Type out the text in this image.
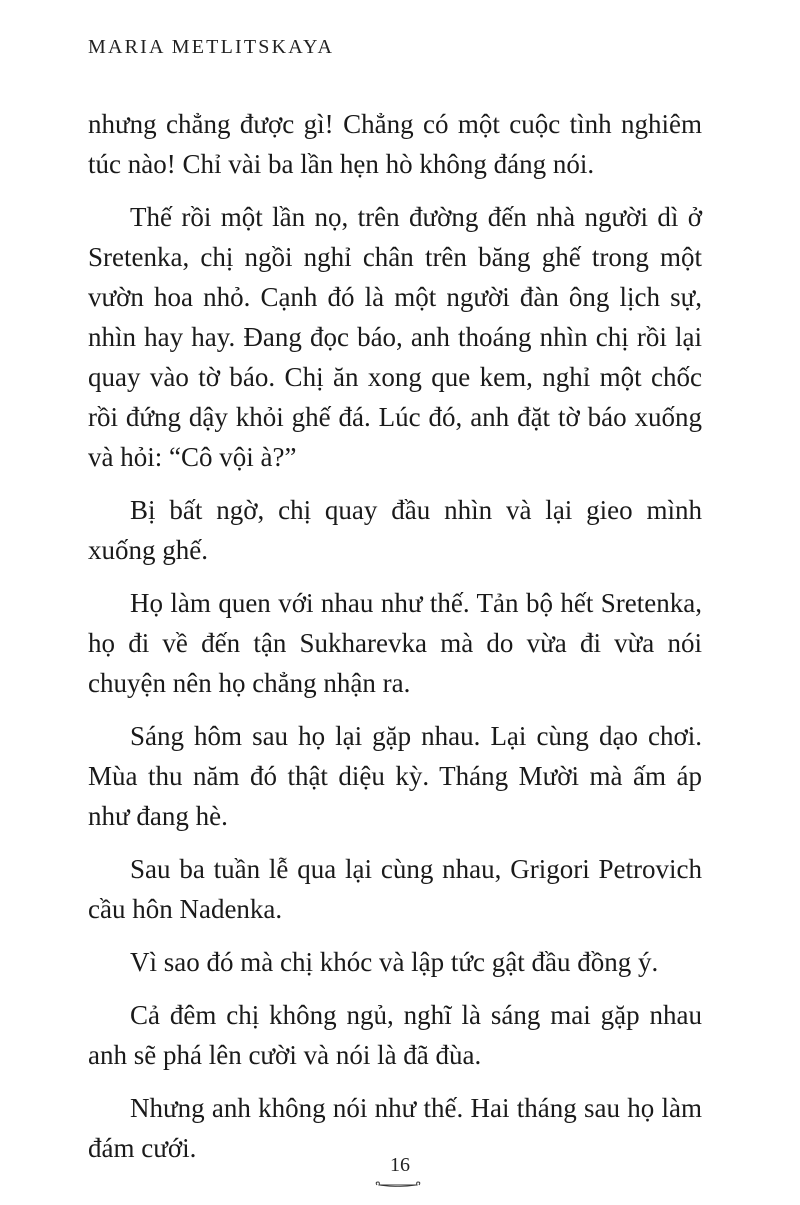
MARIA METLITSKAYA

nhưng chẳng được gì! Chẳng có một cuộc tình nghiêm túc nào! Chỉ vài ba lần hẹn hò không đáng nói.

Thế rồi một lần nọ, trên đường đến nhà người dì ở Sretenka, chị ngồi nghỉ chân trên băng ghế trong một vườn hoa nhỏ. Cạnh đó là một người đàn ông lịch sự, nhìn hay hay. Đang đọc báo, anh thoáng nhìn chị rồi lại quay vào tờ báo. Chị ăn xong que kem, nghỉ một chốc rồi đứng dậy khỏi ghế đá. Lúc đó, anh đặt tờ báo xuống và hỏi: “Cô vội à?”

Bị bất ngờ, chị quay đầu nhìn và lại gieo mình xuống ghế.

Họ làm quen với nhau như thế. Tản bộ hết Sretenka, họ đi về đến tận Sukharevka mà do vừa đi vừa nói chuyện nên họ chẳng nhận ra.

Sáng hôm sau họ lại gặp nhau. Lại cùng dạo chơi. Mùa thu năm đó thật diệu kỳ. Tháng Mười mà ấm áp như đang hè.

Sau ba tuần lễ qua lại cùng nhau, Grigori Petrovich cầu hôn Nadenka.

Vì sao đó mà chị khóc và lập tức gật đầu đồng ý.

Cả đêm chị không ngủ, nghĩ là sáng mai gặp nhau anh sẽ phá lên cười và nói là đã đùa.

Nhưng anh không nói như thế. Hai tháng sau họ làm đám cưới.

16
